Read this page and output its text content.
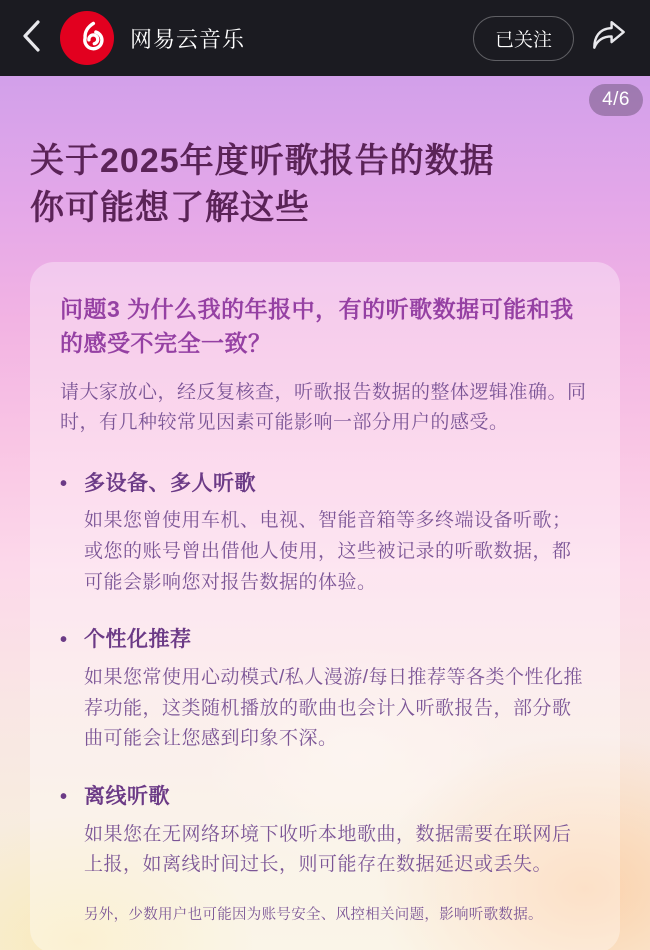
网易云音乐	已关注
4/6
关于2025年度听歌报告的数据
你可能想了解这些
问题3 为什么我的年报中，有的听歌数据可能和我的感受不完全一致？

请大家放心，经反复核查，听歌报告数据的整体逻辑准确。同时，有几种较常见因素可能影响一部分用户的感受。

• 多设备、多人听歌
如果您曾使用车机、电视、智能音箱等多终端设备听歌；或您的账号曾出借他人使用，这些被记录的听歌数据，都可能会影响您对报告数据的体验。
• 个性化推荐
如果您常使用心动模式/私人漫游/每日推荐等各类个性化推荐功能，这类随机播放的歌曲也会计入听歌报告，部分歌曲可能会让您感到印象不深。
• 离线听歌
如果您在无网络环境下收听本地歌曲，数据需要在联网后上报，如离线时间过长，则可能存在数据延迟或丢失。

另外，少数用户也可能因为账号安全、风控相关问题，影响听歌数据。
